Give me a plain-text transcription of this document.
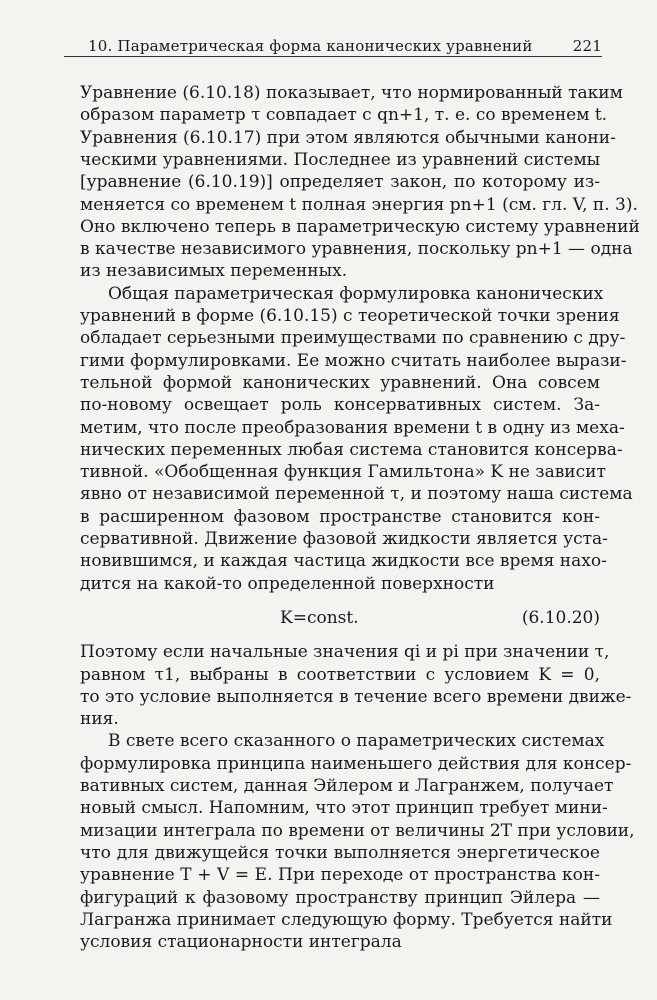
10. Параметрическая форма канонических уравнений	221
Уравнение (6.10.18) показывает, что нормированный таким
образом параметр τ совпадает с qn+1, т. е. со временем t.
Уравнения (6.10.17) при этом являются обычными канони-
ческими уравнениями. Последнее из уравнений системы
[уравнение (6.10.19)] определяет закон, по которому из-
меняется со временем t полная энергия pn+1 (см. гл. V, п. 3).
Оно включено теперь в параметрическую систему уравнений
в качестве независимого уравнения, поскольку pn+1 — одна
из независимых переменных.
Общая параметрическая формулировка канонических
уравнений в форме (6.10.15) с теоретической точки зрения
обладает серьезными преимуществами по сравнению с дру-
гими формулировками. Ее можно считать наиболее вырази-
тельной формой канонических уравнений. Она совсем
по-новому освещает роль консервативных систем. За-
метим, что после преобразования времени t в одну из меха-
нических переменных любая система становится консерва-
тивной. «Обобщенная функция Гамильтона» K не зависит
явно от независимой переменной τ, и поэтому наша система
в расширенном фазовом пространстве становится кон-
сервативной. Движение фазовой жидкости является уста-
новившимся, и каждая частица жидкости все время нахо-
дится на какой-то определенной поверхности
K=const.	(6.10.20)
Поэтому если начальные значения qi и pi при значении τ,
равном τ1, выбраны в соответствии с условием K = 0,
то это условие выполняется в течение всего времени движе-
ния.
В свете всего сказанного о параметрических системах
формулировка принципа наименьшего действия для консер-
вативных систем, данная Эйлером и Лагранжем, получает
новый смысл. Напомним, что этот принцип требует мини-
мизации интеграла по времени от величины 2T при условии,
что для движущейся точки выполняется энергетическое
уравнение T + V = E. При переходе от пространства кон-
фигураций к фазовому пространству принцип Эйлера —
Лагранжа принимает следующую форму. Требуется найти
условия стационарности интеграла
